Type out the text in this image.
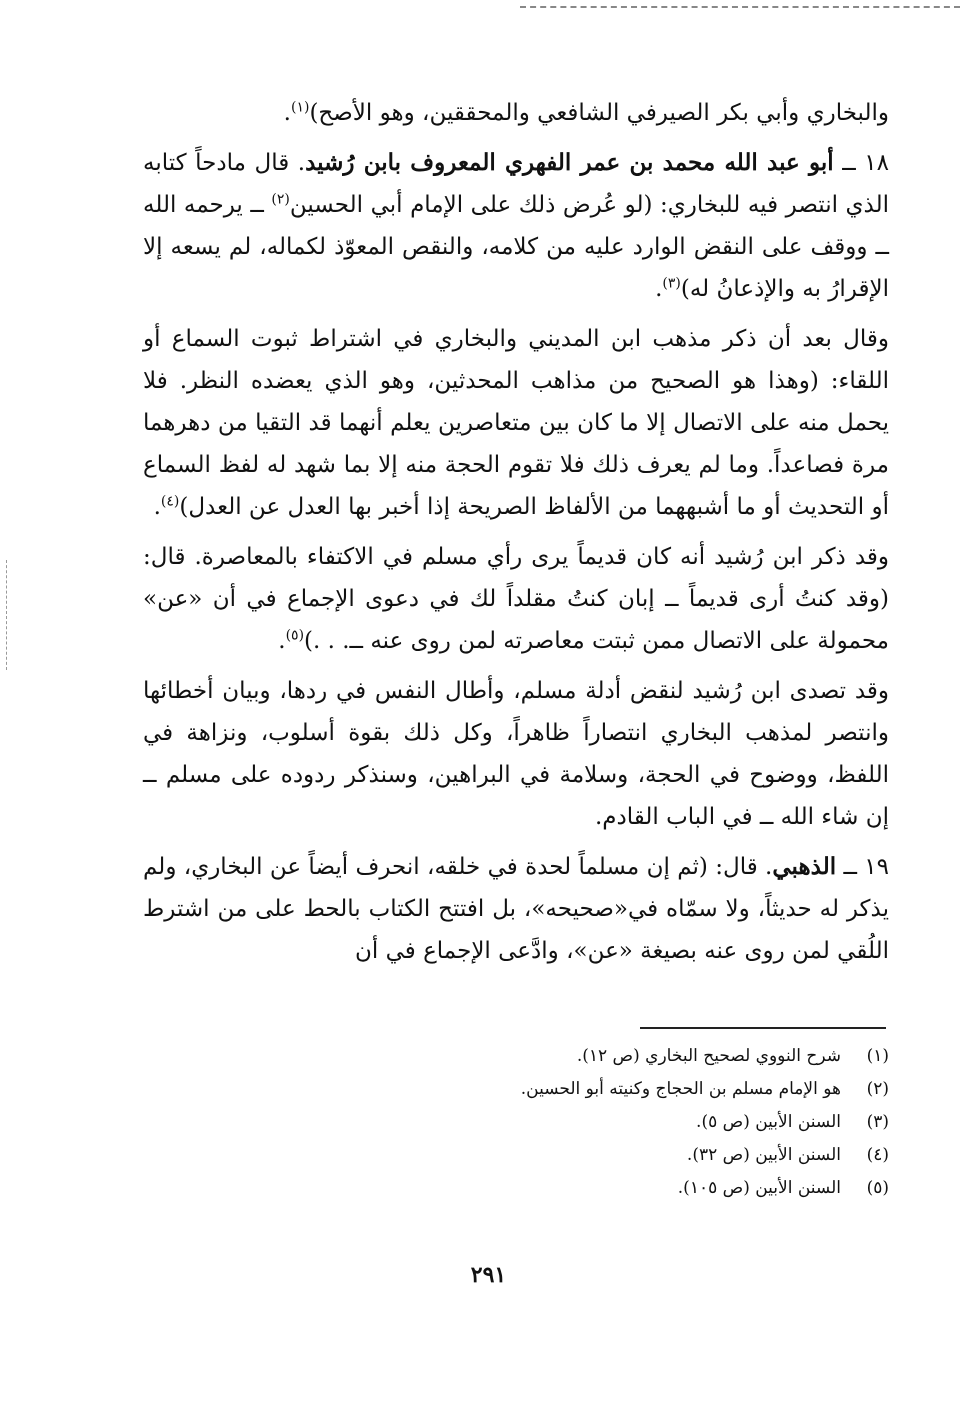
والبخاري وأبي بكر الصيرفي الشافعي والمحققين، وهو الأصح)$^{(١)}$.

١٨ ــ أبو عبد الله محمد بن عمر الفهري المعروف بابن رُشيد. قال مادحاً كتابه الذي انتصر فيه للبخاري: (لو عُرض ذلك على الإمام أبي الحسين$^{(٢)}$ ــ يرحمه الله ــ ووقف على النقض الوارد عليه من كلامه، والنقص المعوّذ لكماله، لم يسعه إلا الإقرارُ به والإذعانُ له)$^{(٣)}$.

وقال بعد أن ذكر مذهب ابن المديني والبخاري في اشتراط ثبوت السماع أو اللقاء: (وهذا هو الصحيح من مذاهب المحدثين، وهو الذي يعضده النظر. فلا يحمل منه على الاتصال إلا ما كان بين متعاصرين يعلم أنهما قد التقيا من دهرهما مرة فصاعداً. وما لم يعرف ذلك فلا تقوم الحجة منه إلا بما شهد له لفظ السماع أو التحديث أو ما أشبههما من الألفاظ الصريحة إذا أخبر بها العدل عن العدل)$^{(٤)}$.

وقد ذكر ابن رُشيد أنه كان قديماً يرى رأي مسلم في الاكتفاء بالمعاصرة. قال: (وقد كنتُ أرى قديماً ــ إبان كنتُ مقلداً لك في دعوى الإجماع في أن «عن» محمولة على الاتصال ممن ثبتت معاصرته لمن روى عنه ــ. . .)$^{(٥)}$.

وقد تصدى ابن رُشيد لنقض أدلة مسلم، وأطال النفس في ردها، وبيان أخطائها وانتصر لمذهب البخاري انتصاراً ظاهراً، وكل ذلك بقوة أسلوب، ونزاهة في اللفظ، ووضوح في الحجة، وسلامة في البراهين، وسنذكر ردوده على مسلم ــ إن شاء الله ــ في الباب القادم.

١٩ ــ الذهبي. قال: (ثم إن مسلماً لحدة في خلقه، انحرف أيضاً عن البخاري، ولم يذكر له حديثاً، ولا سمّاه في«صحيحه»، بل افتتح الكتاب بالحط على من اشترط اللُقي لمن روى عنه بصيغة «عن»، وادَّعى الإجماع في أن

(١)
شرح النووي لصحيح البخاري (ص ١٢).
(٢)
هو الإمام مسلم بن الحجاج وكنيته أبو الحسين.
(٣)
السنن الأبين (ص ٥).
(٤)
السنن الأبين (ص ٣٢).
(٥)
السنن الأبين (ص ١٠٥).
٢٩١
